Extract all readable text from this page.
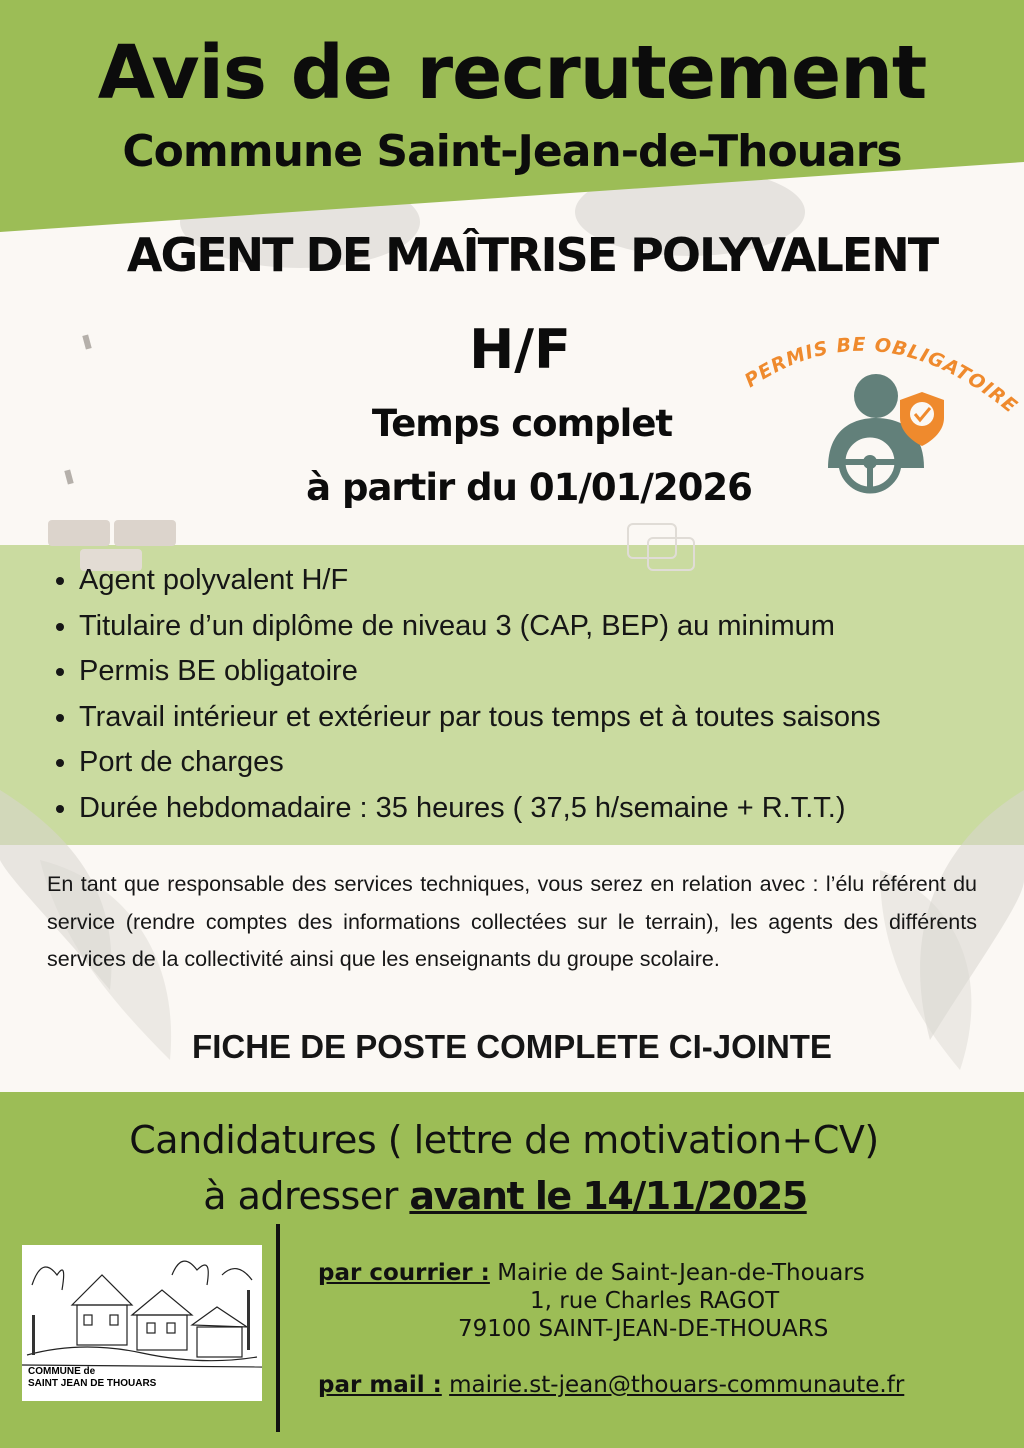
PERMIS BE OBLIGATOIRE
Avis de recrutement
Commune Saint-Jean-de-Thouars
AGENT DE MAÎTRISE POLYVALENT
H/F
Temps complet
à partir du 01/01/2026
• Agent polyvalent H/F
• Titulaire d’un diplôme de niveau 3 (CAP, BEP) au minimum
• Permis BE obligatoire
• Travail intérieur et extérieur par tous temps et à toutes saisons
• Port de charges
• Durée hebdomadaire : 35 heures ( 37,5 h/semaine + R.T.T.)
En tant que responsable des services techniques, vous serez en relation avec : l’élu référent du service (rendre comptes des informations collectées sur le terrain), les agents des différents services de la collectivité ainsi que les enseignants du groupe scolaire.
FICHE DE POSTE COMPLETE CI-JOINTE
Candidatures ( lettre de motivation+CV)
à adresser avant le 14/11/2025
COMMUNE de
SAINT JEAN DE THOUARS
par courrier : Mairie de Saint-Jean-de-Thouars
1, rue Charles RAGOT
79100 SAINT-JEAN-DE-THOUARS
par mail : mairie.st-jean@thouars-communaute.fr
